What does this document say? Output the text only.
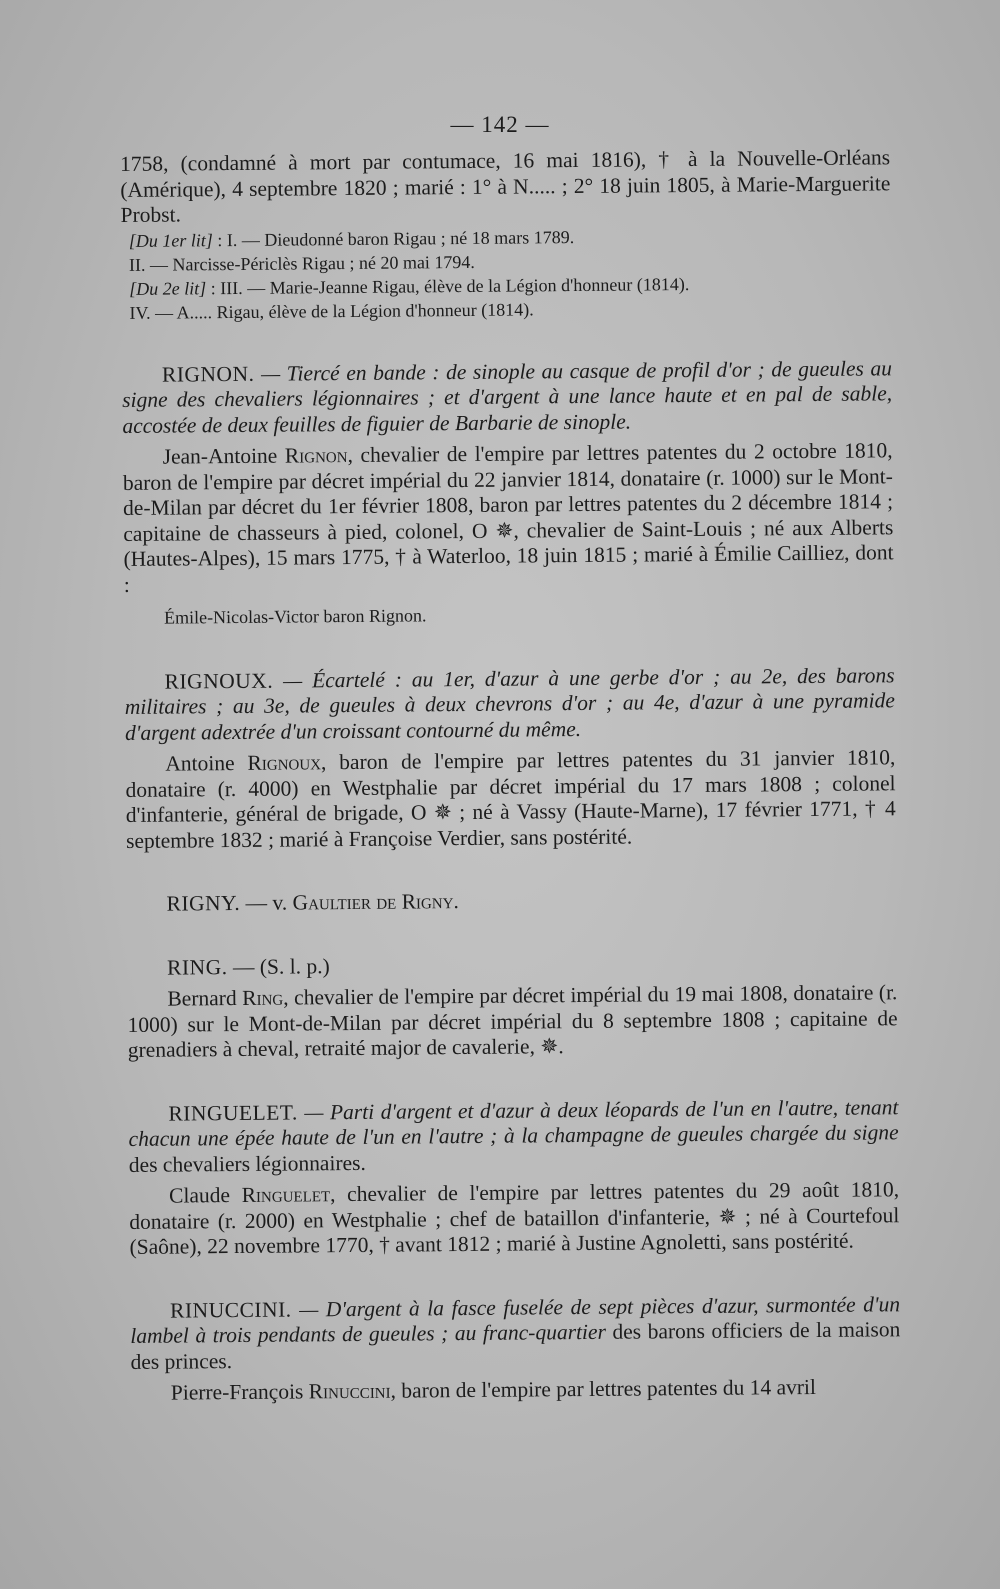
— 142 —

1758, (condamné à mort par contumace, 16 mai 1816), † à la Nouvelle-Orléans (Amérique), 4 septembre 1820 ; marié : 1° à N..... ; 2° 18 juin 1805, à Marie-Marguerite Probst.

[Du 1er lit] : I. — Dieudonné baron Rigau ; né 18 mars 1789.

II. — Narcisse-Périclès Rigau ; né 20 mai 1794.

[Du 2e lit] : III. — Marie-Jeanne Rigau, élève de la Légion d'honneur (1814).

IV. — A..... Rigau, élève de la Légion d'honneur (1814).

RIGNON. — Tiercé en bande : de sinople au casque de profil d'or ; de gueules au signe des chevaliers légionnaires ; et d'argent à une lance haute et en pal de sable, accostée de deux feuilles de figuier de Barbarie de sinople.

Jean-Antoine Rignon, chevalier de l'empire par lettres patentes du 2 octobre 1810, baron de l'empire par décret impérial du 22 janvier 1814, donataire (r. 1000) sur le Mont-de-Milan par décret du 1er février 1808, baron par lettres patentes du 2 décembre 1814 ; capitaine de chasseurs à pied, colonel, O ✵, chevalier de Saint-Louis ; né aux Alberts (Hautes-Alpes), 15 mars 1775, † à Waterloo, 18 juin 1815 ; marié à Émilie Cailliez, dont :

Émile-Nicolas-Victor baron Rignon.

RIGNOUX. — Écartelé : au 1er, d'azur à une gerbe d'or ; au 2e, des barons militaires ; au 3e, de gueules à deux chevrons d'or ; au 4e, d'azur à une pyramide d'argent adextrée d'un croissant contourné du même.

Antoine Rignoux, baron de l'empire par lettres patentes du 31 janvier 1810, donataire (r. 4000) en Westphalie par décret impérial du 17 mars 1808 ; colonel d'infanterie, général de brigade, O ✵ ; né à Vassy (Haute-Marne), 17 février 1771, † 4 septembre 1832 ; marié à Françoise Verdier, sans postérité.

RIGNY. — v. Gaultier de Rigny.

RING. — (S. l. p.)

Bernard Ring, chevalier de l'empire par décret impérial du 19 mai 1808, donataire (r. 1000) sur le Mont-de-Milan par décret impérial du 8 septembre 1808 ; capitaine de grenadiers à cheval, retraité major de cavalerie, ✵.

RINGUELET. — Parti d'argent et d'azur à deux léopards de l'un en l'autre, tenant chacun une épée haute de l'un en l'autre ; à la champagne de gueules chargée du signe des chevaliers légionnaires.

Claude Ringuelet, chevalier de l'empire par lettres patentes du 29 août 1810, donataire (r. 2000) en Westphalie ; chef de bataillon d'infanterie, ✵ ; né à Courtefoul (Saône), 22 novembre 1770, † avant 1812 ; marié à Justine Agnoletti, sans postérité.

RINUCCINI. — D'argent à la fasce fuselée de sept pièces d'azur, surmontée d'un lambel à trois pendants de gueules ; au franc-quartier des barons officiers de la maison des princes.

Pierre-François Rinuccini, baron de l'empire par lettres patentes du 14 avril
